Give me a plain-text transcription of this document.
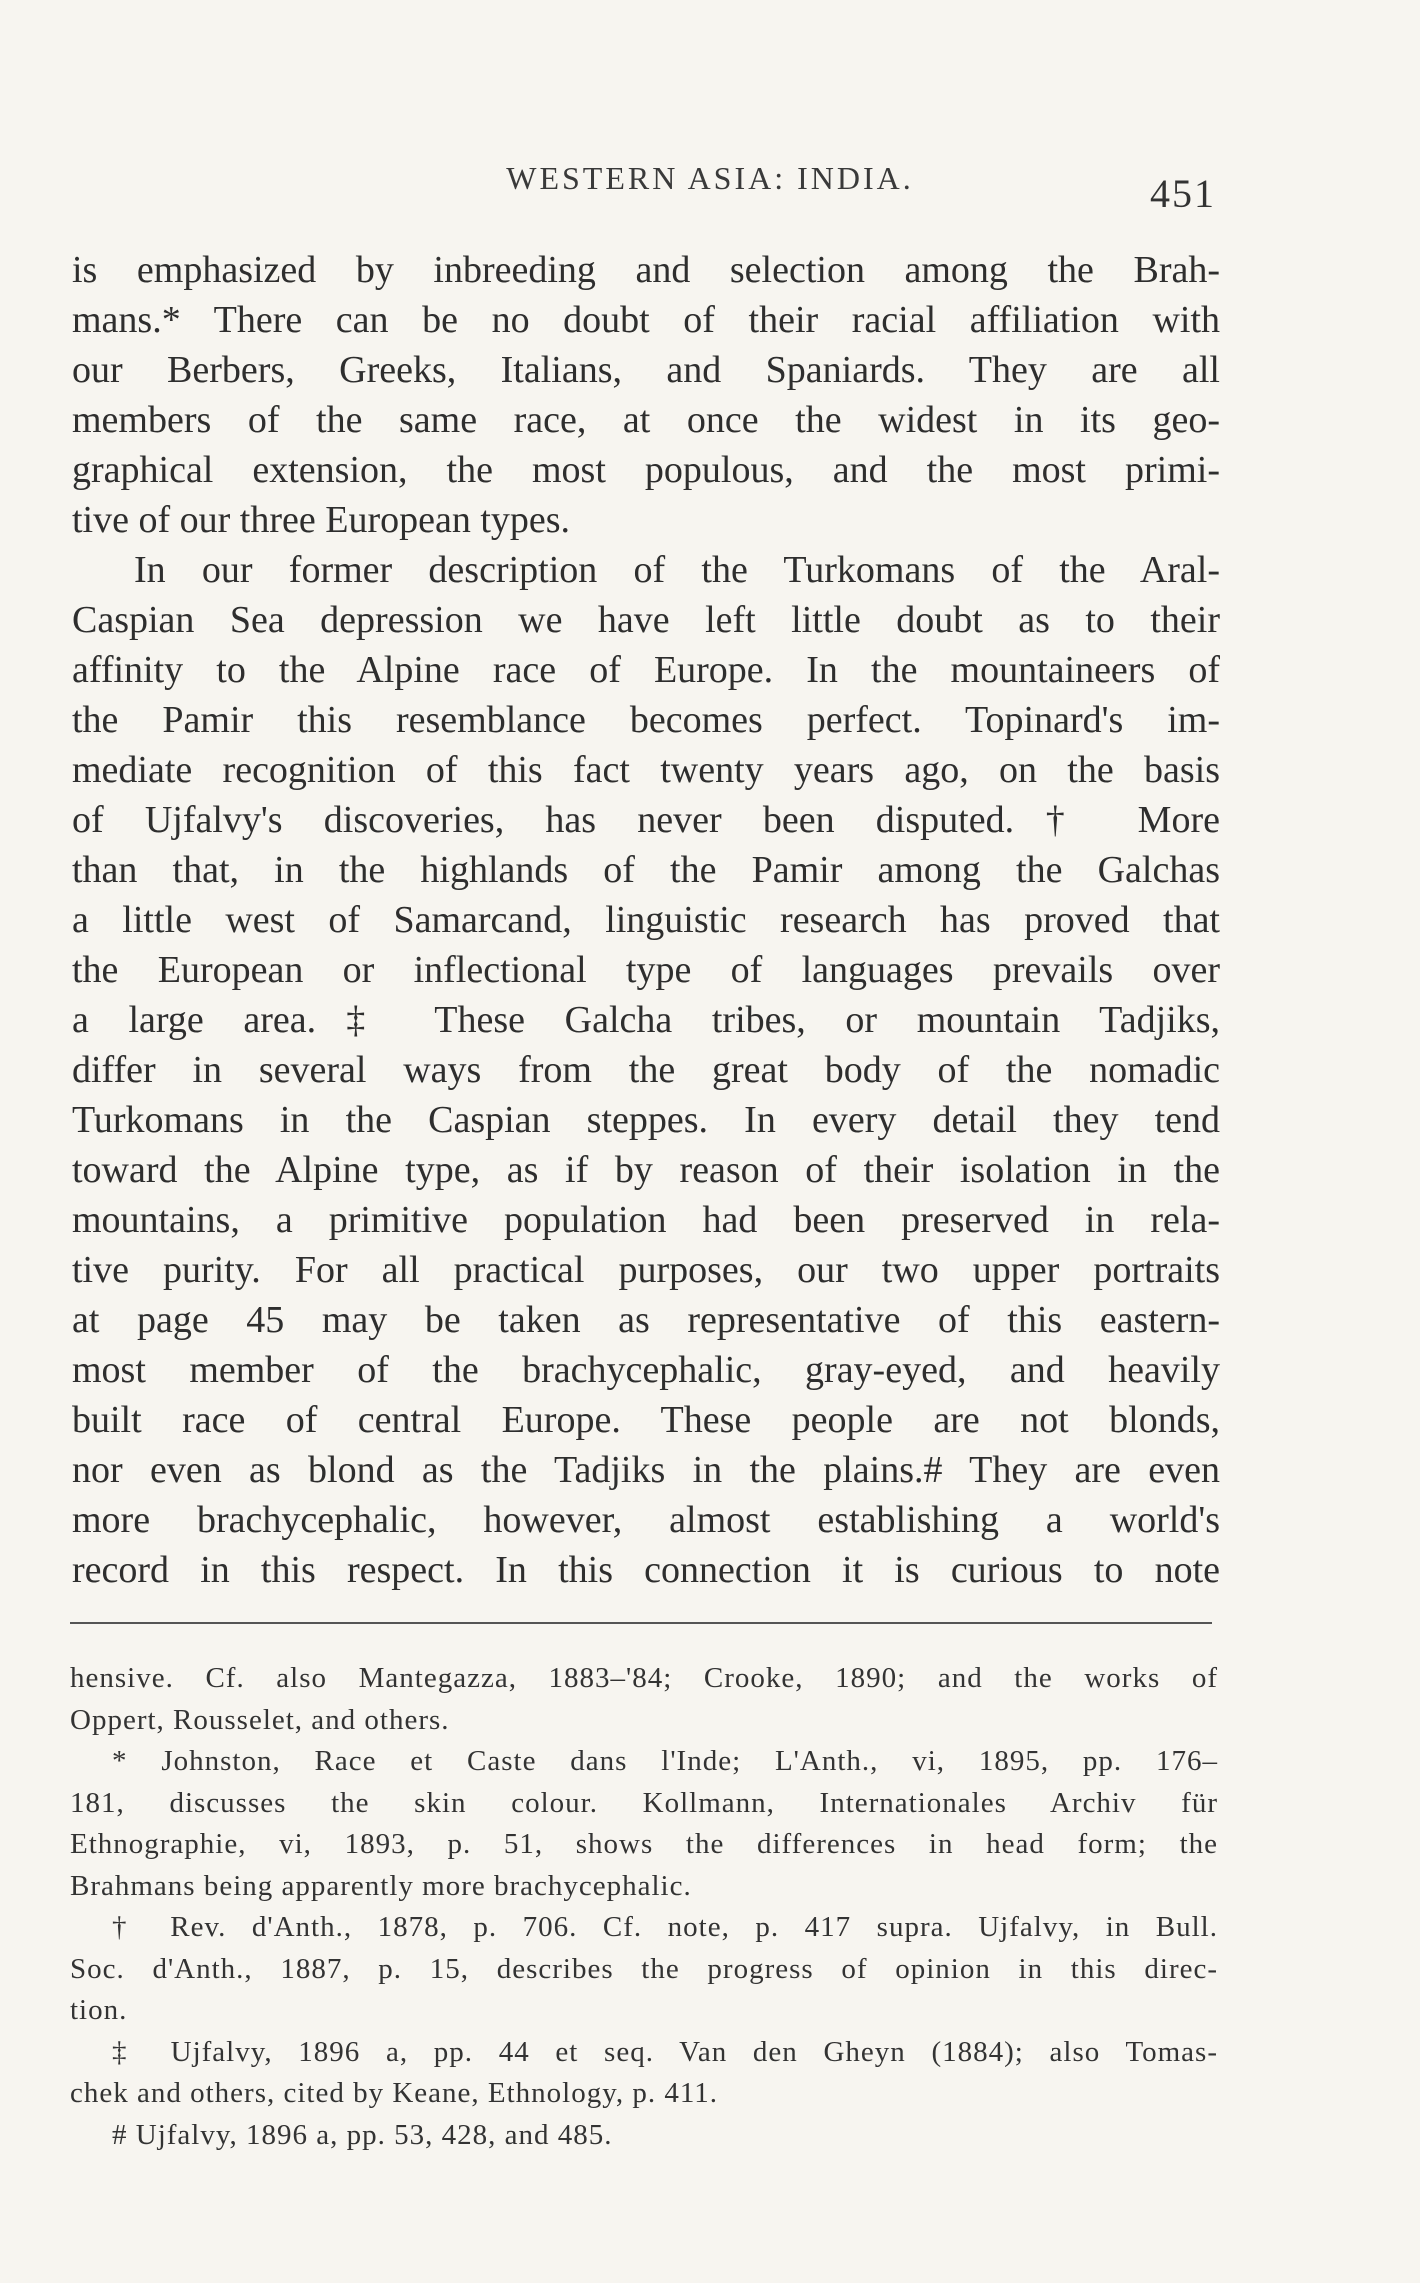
WESTERN ASIA: INDIA.	451
is emphasized by inbreeding and selection among the Brah-
mans.* There can be no doubt of their racial affiliation with
our Berbers, Greeks, Italians, and Spaniards. They are all
members of the same race, at once the widest in its geo-
graphical extension, the most populous, and the most primi-
tive of our three European types.
In our former description of the Turkomans of the Aral-
Caspian Sea depression we have left little doubt as to their
affinity to the Alpine race of Europe. In the mountaineers of
the Pamir this resemblance becomes perfect. Topinard's im-
mediate recognition of this fact twenty years ago, on the basis
of Ujfalvy's discoveries, has never been disputed.† More
than that, in the highlands of the Pamir among the Galchas
a little west of Samarcand, linguistic research has proved that
the European or inflectional type of languages prevails over
a large area.‡ These Galcha tribes, or mountain Tadjiks,
differ in several ways from the great body of the nomadic
Turkomans in the Caspian steppes. In every detail they tend
toward the Alpine type, as if by reason of their isolation in the
mountains, a primitive population had been preserved in rela-
tive purity. For all practical purposes, our two upper portraits
at page 45 may be taken as representative of this eastern-
most member of the brachycephalic, gray-eyed, and heavily
built race of central Europe. These people are not blonds,
nor even as blond as the Tadjiks in the plains.# They are even
more brachycephalic, however, almost establishing a world's
record in this respect. In this connection it is curious to note
hensive. Cf. also Mantegazza, 1883–'84; Crooke, 1890; and the works of
Oppert, Rousselet, and others.
* Johnston, Race et Caste dans l'Inde; L'Anth., vi, 1895, pp. 176–
181, discusses the skin colour. Kollmann, Internationales Archiv für
Ethnographie, vi, 1893, p. 51, shows the differences in head form; the
Brahmans being apparently more brachycephalic.
† Rev. d'Anth., 1878, p. 706. Cf. note, p. 417 supra. Ujfalvy, in Bull.
Soc. d'Anth., 1887, p. 15, describes the progress of opinion in this direc-
tion.
‡ Ujfalvy, 1896 a, pp. 44 et seq. Van den Gheyn (1884); also Tomas-
chek and others, cited by Keane, Ethnology, p. 411.
# Ujfalvy, 1896 a, pp. 53, 428, and 485.
